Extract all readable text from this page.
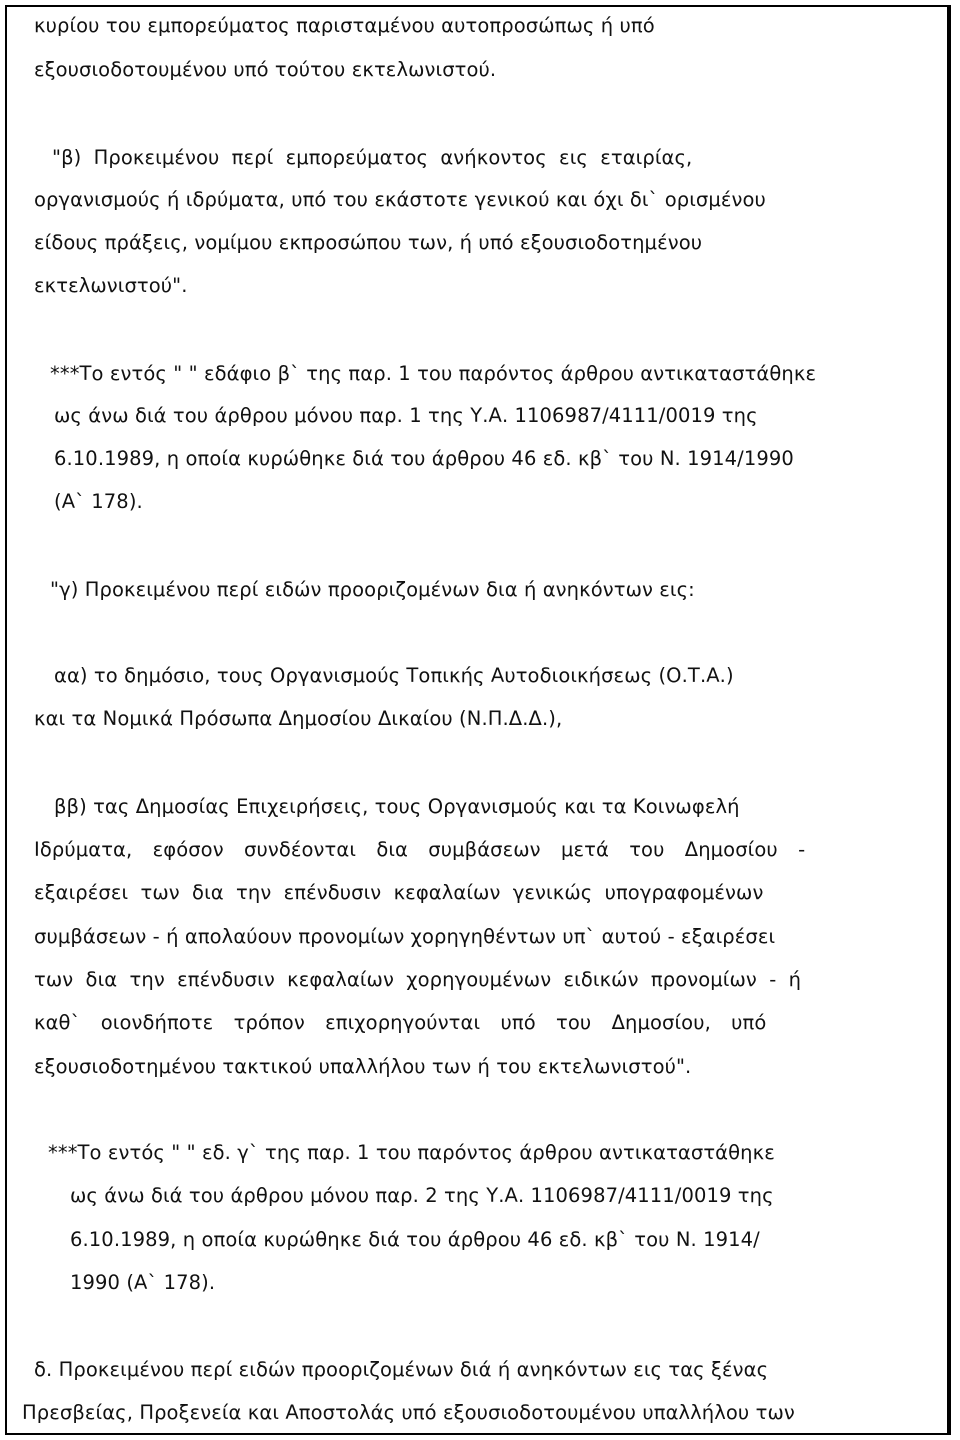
κυρίου του εμπορεύματος παρισταμένου αυτοπροσώπως ή υπό
εξουσιοδοτουμένου υπό τούτου εκτελωνιστού.
"β) Προκειμένου περί εμπορεύματος ανήκοντος εις εταιρίας,
οργανισμούς ή ιδρύματα, υπό του εκάστοτε γενικού και όχι δι` ορισμένου
είδους πράξεις, νομίμου εκπροσώπου των, ή υπό εξουσιοδοτημένου
εκτελωνιστού".
***Το εντός " " εδάφιο β` της παρ. 1 του παρόντος άρθρου αντικαταστάθηκε
ως άνω διά του άρθρου μόνου παρ. 1 της Υ.Α. 1106987/4111/0019 της
6.10.1989, η οποία κυρώθηκε διά του άρθρου 46 εδ. κβ` του Ν. 1914/1990
(Α` 178).
"γ) Προκειμένου περί ειδών προοριζομένων δια ή ανηκόντων εις:
αα) το δημόσιο, τους Οργανισμούς Τοπικής Αυτοδιοικήσεως (Ο.Τ.Α.)
και τα Νομικά Πρόσωπα Δημοσίου Δικαίου (Ν.Π.Δ.Δ.),
ββ) τας Δημοσίας Επιχειρήσεις, τους Οργανισμούς και τα Κοινωφελή
Ιδρύματα, εφόσον συνδέονται δια συμβάσεων μετά του Δημοσίου -
εξαιρέσει των δια την επένδυσιν κεφαλαίων γενικώς υπογραφομένων
συμβάσεων - ή απολαύουν προνομίων χορηγηθέντων υπ` αυτού - εξαιρέσει
των δια την επένδυσιν κεφαλαίων χορηγουμένων ειδικών προνομίων - ή
καθ` οιονδήποτε τρόπον επιχορηγούνται υπό του Δημοσίου, υπό
εξουσιοδοτημένου τακτικού υπαλλήλου των ή του εκτελωνιστού".
***Το εντός " " εδ. γ` της παρ. 1 του παρόντος άρθρου αντικαταστάθηκε
ως άνω διά του άρθρου μόνου παρ. 2 της Υ.Α. 1106987/4111/0019 της
6.10.1989, η οποία κυρώθηκε διά του άρθρου 46 εδ. κβ` του Ν. 1914/
1990 (Α` 178).
δ. Προκειμένου περί ειδών προοριζομένων διά ή ανηκόντων εις τας ξένας
Πρεσβείας, Προξενεία και Αποστολάς υπό εξουσιοδοτουμένου υπαλλήλου των
